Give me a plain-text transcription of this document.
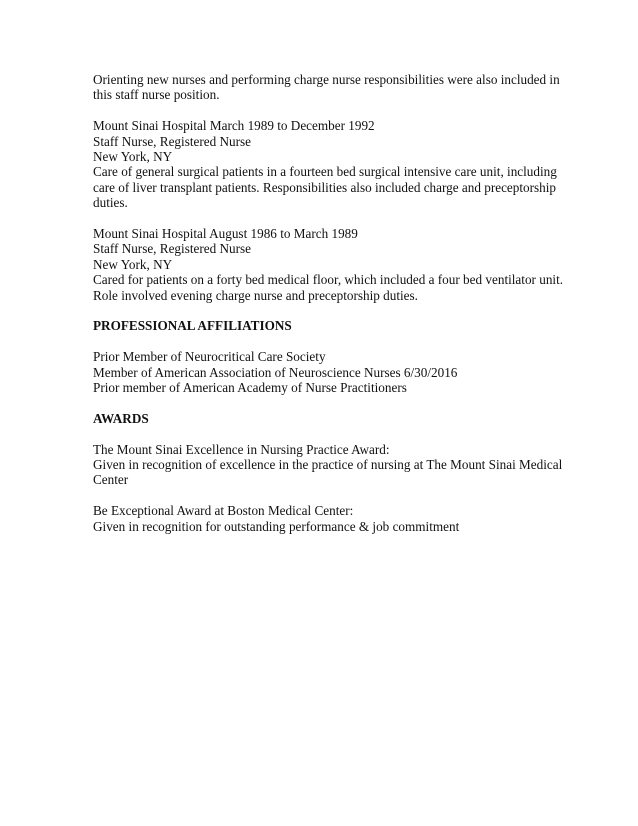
Orienting new nurses and performing charge nurse responsibilities were also included in
this staff nurse position.
Mount Sinai Hospital March 1989 to December 1992
Staff Nurse, Registered Nurse
New York, NY
Care of general surgical patients in a fourteen bed surgical intensive care unit, including
care of liver transplant patients. Responsibilities also included charge and preceptorship
duties.
Mount Sinai Hospital August 1986 to March 1989
Staff Nurse, Registered Nurse
New York, NY
Cared for patients on a forty bed medical floor, which included a four bed ventilator unit.
Role involved evening charge nurse and preceptorship duties.
PROFESSIONAL AFFILIATIONS
Prior Member of Neurocritical Care Society
Member of American Association of Neuroscience Nurses 6/30/2016
Prior member of American Academy of Nurse Practitioners
AWARDS
The Mount Sinai Excellence in Nursing Practice Award:
Given in recognition of excellence in the practice of nursing at The Mount Sinai Medical
Center
Be Exceptional Award at Boston Medical Center:
Given in recognition for outstanding performance & job commitment
